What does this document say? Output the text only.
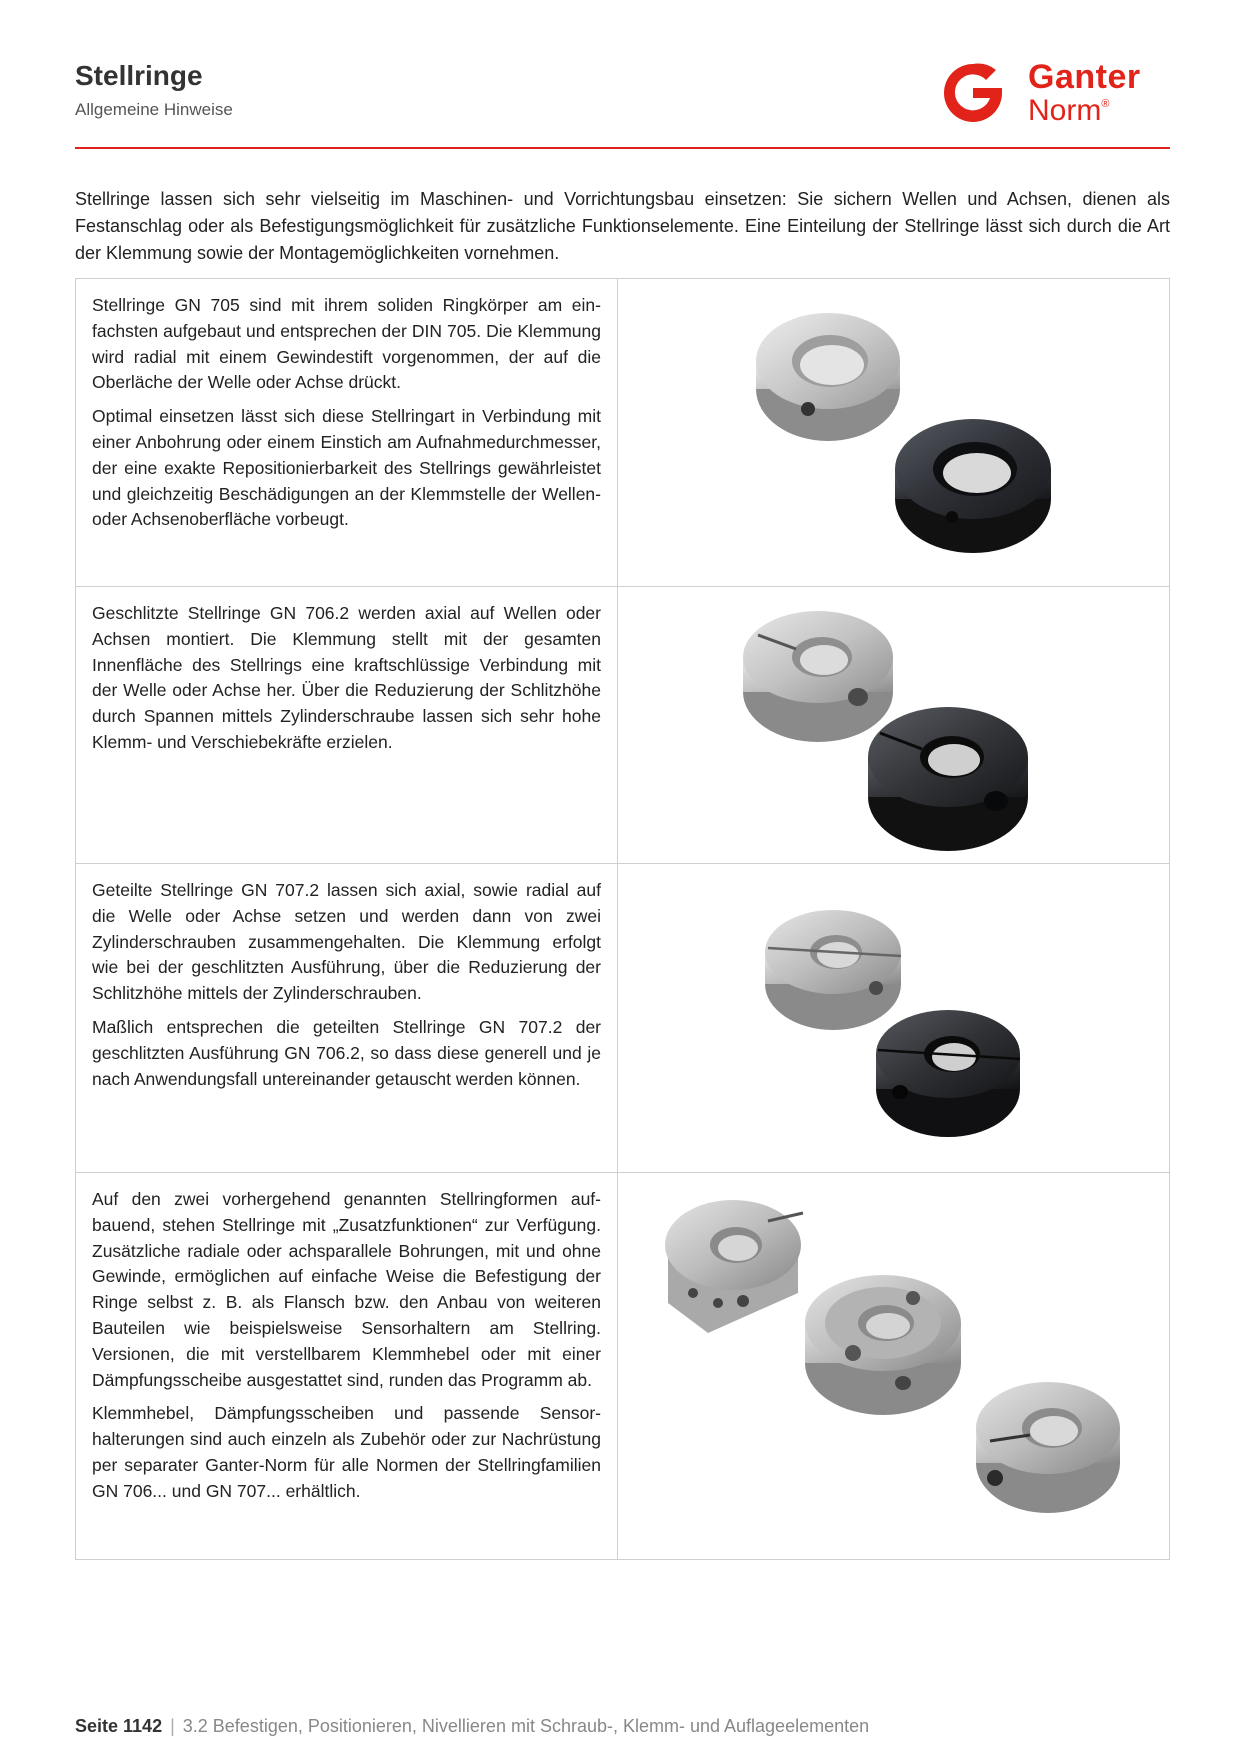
Stellringe
Allgemeine Hinweise
Ganter
Norm®
Stellringe lassen sich sehr vielseitig im Maschinen- und Vorrichtungsbau einsetzen: Sie sichern Wellen und Achsen, dienen als Festanschlag oder als Befestigungsmöglichkeit für zusätzliche Funktionselemente. Eine Einteilung der Stellringe lässt sich durch die Art der Klemmung sowie der Montagemöglichkeiten vornehmen.

Stellringe GN 705 sind mit ihrem soliden Ringkörper am einfachsten aufgebaut und entsprechen der DIN 705. Die Klemmung wird radial mit einem Gewindestift vorgenommen, der auf die Oberläche der Welle oder Achse drückt.

Optimal einsetzen lässt sich diese Stellringart in Verbindung mit einer Anbohrung oder einem Einstich am Aufnahmedurchmesser, der eine exakte Repositionierbarkeit des Stellrings gewährleistet und gleichzeitig Beschädigungen an der Klemmstelle der Wellen- oder Achsenoberfläche vorbeugt.

Geschlitzte Stellringe GN 706.2 werden axial auf Wellen oder Achsen montiert. Die Klemmung stellt mit der gesamten Innenfläche des Stellrings eine kraftschlüssige Verbindung mit der Welle oder Achse her. Über die Reduzierung der Schlitzhöhe durch Spannen mittels Zylinderschraube lassen sich sehr hohe Klemm- und Verschiebekräfte erzielen.

Geteilte Stellringe GN 707.2 lassen sich axial, sowie radial auf die Welle oder Achse setzen und werden dann von zwei Zylinderschrauben zusammengehalten. Die Klemmung erfolgt wie bei der geschlitzten Ausführung, über die Reduzierung der Schlitzhöhe mittels der Zylinderschrauben.

Maßlich entsprechen die geteilten Stellringe GN 707.2 der geschlitzten Ausführung GN 706.2, so dass diese generell und je nach Anwendungsfall untereinander getauscht werden können.

Auf den zwei vorhergehend genannten Stellringformen aufbauend, stehen Stellringe mit „Zusatzfunktionen“ zur Verfügung. Zusätzliche radiale oder achsparallele Bohrungen, mit und ohne Gewinde, ermöglichen auf einfache Weise die Befestigung der Ringe selbst z. B. als Flansch bzw. den Anbau von weiteren Bauteilen wie beispielsweise Sensorhaltern am Stellring. Versionen, die mit verstellbarem Klemmhebel oder mit einer Dämpfungsscheibe ausgestattet sind, runden das Programm ab.

Klemmhebel, Dämpfungsscheiben und passende Sensorhalterungen sind auch einzeln als Zubehör oder zur Nachrüstung per separater Ganter-Norm für alle Normen der Stellringfamilien GN 706... und GN 707... erhältlich.

Seite 1142 | 3.2 Befestigen, Positionieren, Nivellieren mit Schraub-, Klemm- und Auflageelementen
